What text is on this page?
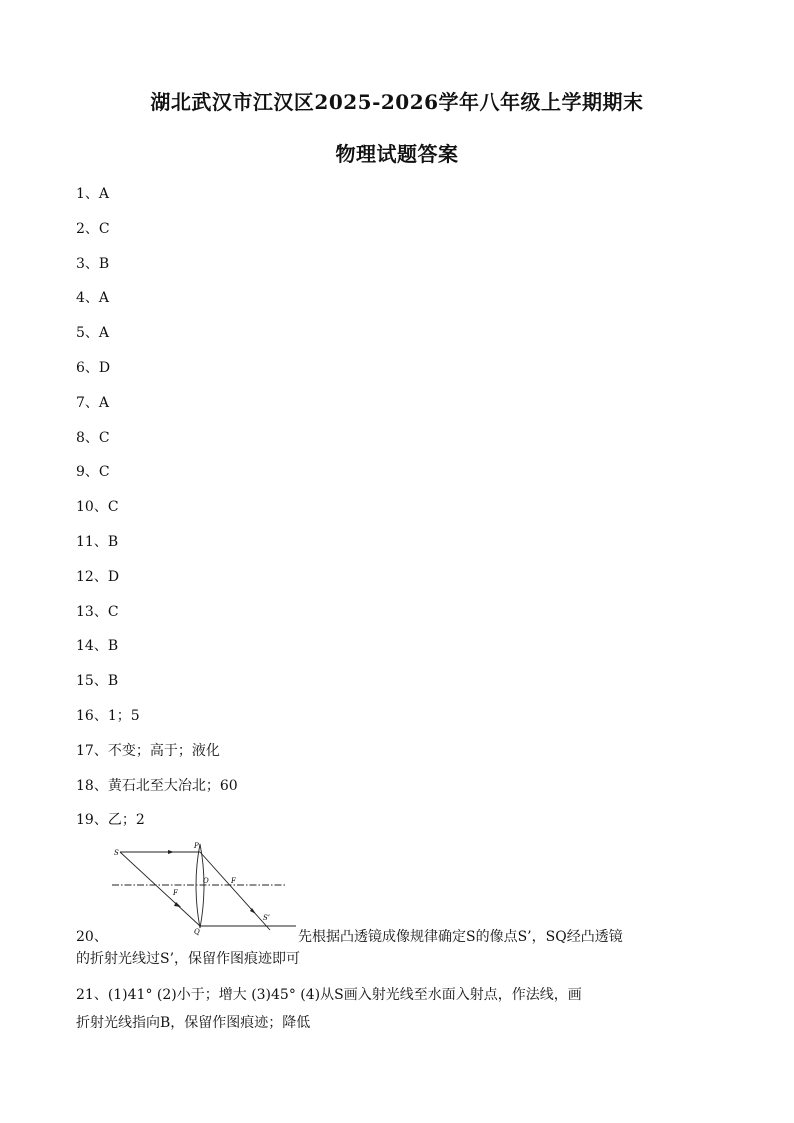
湖北武汉市江汉区2025-2026学年八年级上学期期末
物理试题答案
1、A
2、C
3、B
4、A
5、A
6、D
7、A
8、C
9、C
10、C
11、B
12、D
13、C
14、B
15、B
16、1；5
17、不变；高于；液化
18、黄石北至大冶北；60
19、乙；2
S
P
O
F
F
Q
S’
20、	先根据凸透镜成像规律确定S的像点S’，SQ经凸透镜
的折射光线过S’，保留作图痕迹即可
21、(1)41° (2)小于；增大 (3)45° (4)从S画入射光线至水面入射点，作法线，画
折射光线指向B，保留作图痕迹；降低
